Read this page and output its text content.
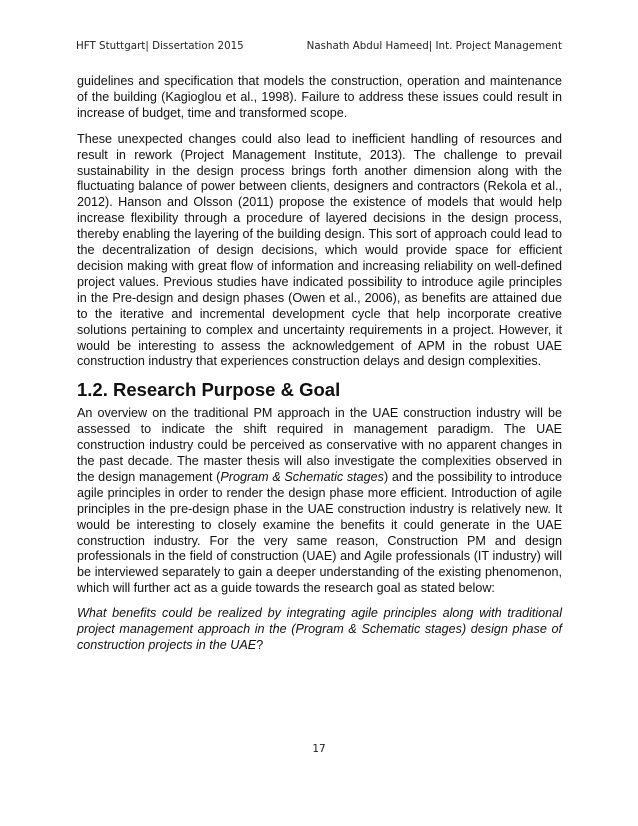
HFT Stuttgart| Dissertation 2015	Nashath Abdul Hameed| Int. Project Management

guidelines and specification that models the construction, operation and maintenance of the building (Kagioglou et al., 1998). Failure to address these issues could result in increase of budget, time and transformed scope.

These unexpected changes could also lead to inefficient handling of resources and result in rework (Project Management Institute, 2013). The challenge to prevail sustainability in the design process brings forth another dimension along with the fluctuating balance of power between clients, designers and contractors (Rekola et al., 2012). Hanson and Olsson (2011) propose the existence of models that would help increase flexibility through a procedure of layered decisions in the design process, thereby enabling the layering of the building design. This sort of approach could lead to the decentralization of design decisions, which would provide space for efficient decision making with great flow of information and increasing reliability on well-defined project values. Previous studies have indicated possibility to introduce agile principles in the Pre-design and design phases (Owen et al., 2006), as benefits are attained due to the iterative and incremental development cycle that help incorporate creative solutions pertaining to complex and uncertainty requirements in a project. However, it would be interesting to assess the acknowledgement of APM in the robust UAE construction industry that experiences construction delays and design complexities.

1.2. Research Purpose & Goal

An overview on the traditional PM approach in the UAE construction industry will be assessed to indicate the shift required in management paradigm. The UAE construction industry could be perceived as conservative with no apparent changes in the past decade. The master thesis will also investigate the complexities observed in the design management (Program & Schematic stages) and the possibility to introduce agile principles in order to render the design phase more efficient. Introduction of agile principles in the pre-design phase in the UAE construction industry is relatively new. It would be interesting to closely examine the benefits it could generate in the UAE construction industry. For the very same reason, Construction PM and design professionals in the field of construction (UAE) and Agile professionals (IT industry) will be interviewed separately to gain a deeper understanding of the existing phenomenon, which will further act as a guide towards the research goal as stated below:

What benefits could be realized by integrating agile principles along with traditional project management approach in the (Program & Schematic stages) design phase of construction projects in the UAE?

17
